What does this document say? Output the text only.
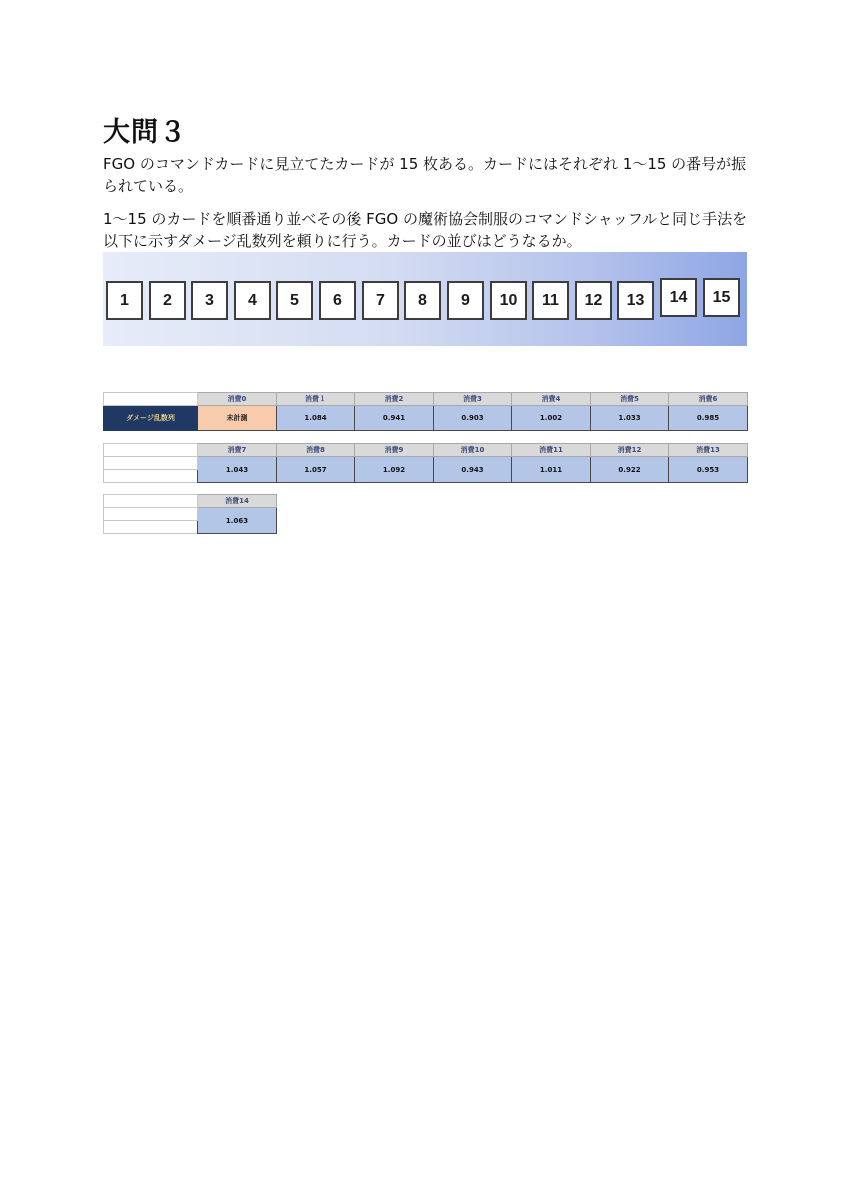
大問３

FGO のコマンドカードに見立てたカードが 15 枚ある。カードにはそれぞれ 1～15 の番号が振られている。

1～15 のカードを順番通り並べその後 FGO の魔術協会制服のコマンドシャッフルと同じ手法を以下に示すダメージ乱数列を頼りに行う。カードの並びはどうなるか。

1	2	3	4	5	6	7	8	9	10	11	12	13	14	15
	消費0	消費１	消費2	消費3	消費4	消費5	消費6
ダメージ乱数列	未計測	1.084	0.941	0.903	1.002	1.033	0.985
	消費7	消費8	消費9	消費10	消費11	消費12	消費13
	1.043	1.057	1.092	0.943	1.011	0.922	0.953

	消費14
	1.063
